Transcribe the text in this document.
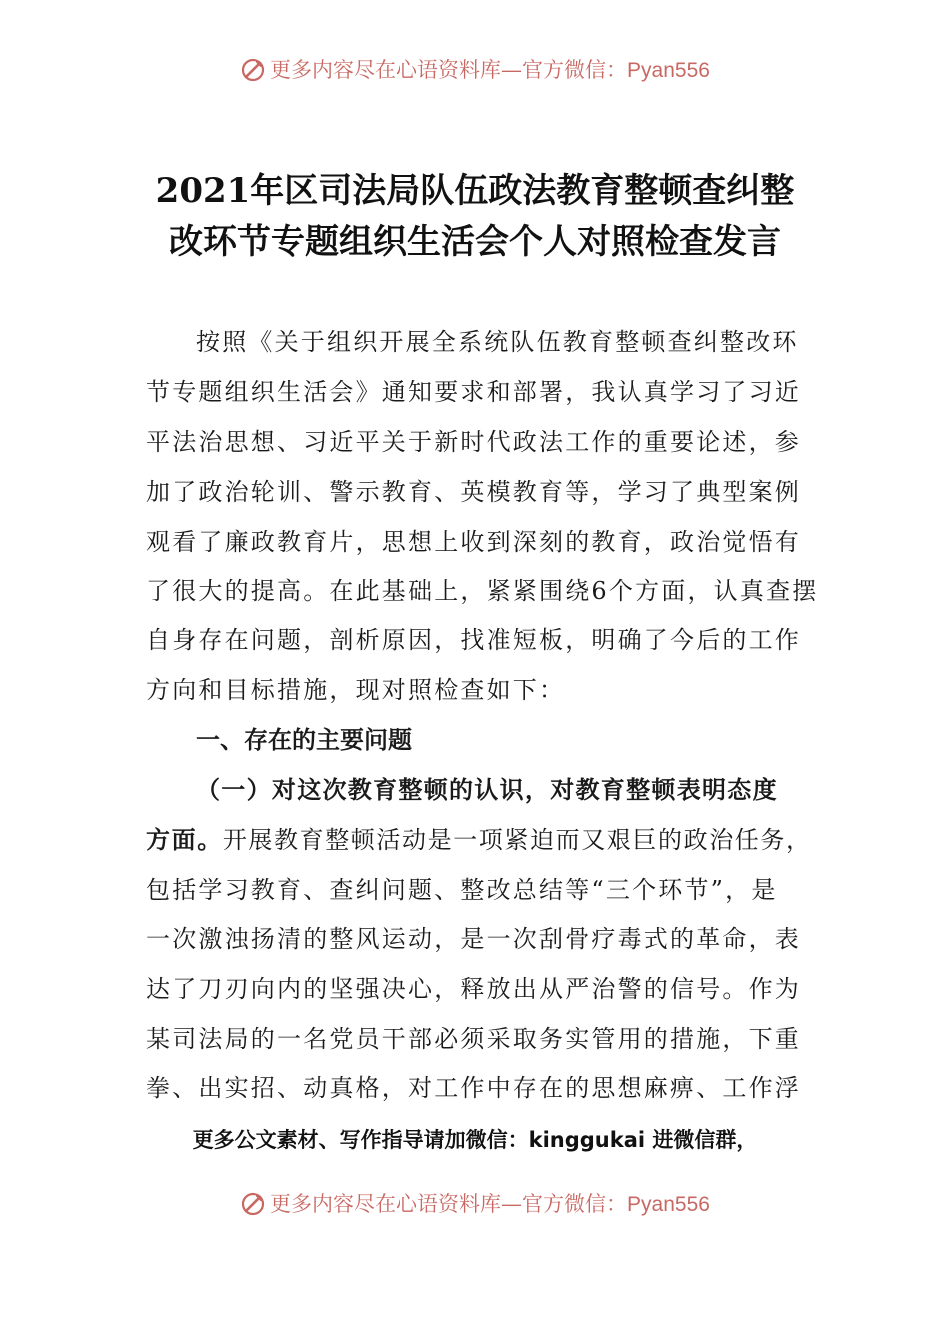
更多内容尽在心语资料库—官方微信：Pyan556
2021年区司法局队伍政法教育整顿查纠整
改环节专题组织生活会个人对照检查发言
按照《关于组织开展全系统队伍教育整顿查纠整改环
节专题组织生活会》通知要求和部署，我认真学习了习近
平法治思想、习近平关于新时代政法工作的重要论述，参
加了政治轮训、警示教育、英模教育等，学习了典型案例
观看了廉政教育片，思想上收到深刻的教育，政治觉悟有
了很大的提高。在此基础上，紧紧围绕6个方面，认真查摆
自身存在问题，剖析原因，找准短板，明确了今后的工作
方向和目标措施，现对照检查如下：
一、存在的主要问题
（一）对这次教育整顿的认识，对教育整顿表明态度
方面。开展教育整顿活动是一项紧迫而又艰巨的政治任务，
包括学习教育、查纠问题、整改总结等“三个环节”，是
一次激浊扬清的整风运动，是一次刮骨疗毒式的革命，表
达了刀刃向内的坚强决心，释放出从严治警的信号。作为
某司法局的一名党员干部必须采取务实管用的措施，下重
拳、出实招、动真格，对工作中存在的思想麻痹、工作浮
更多公文素材、写作指导请加微信：kinggukai 进微信群，
更多内容尽在心语资料库—官方微信：Pyan556
